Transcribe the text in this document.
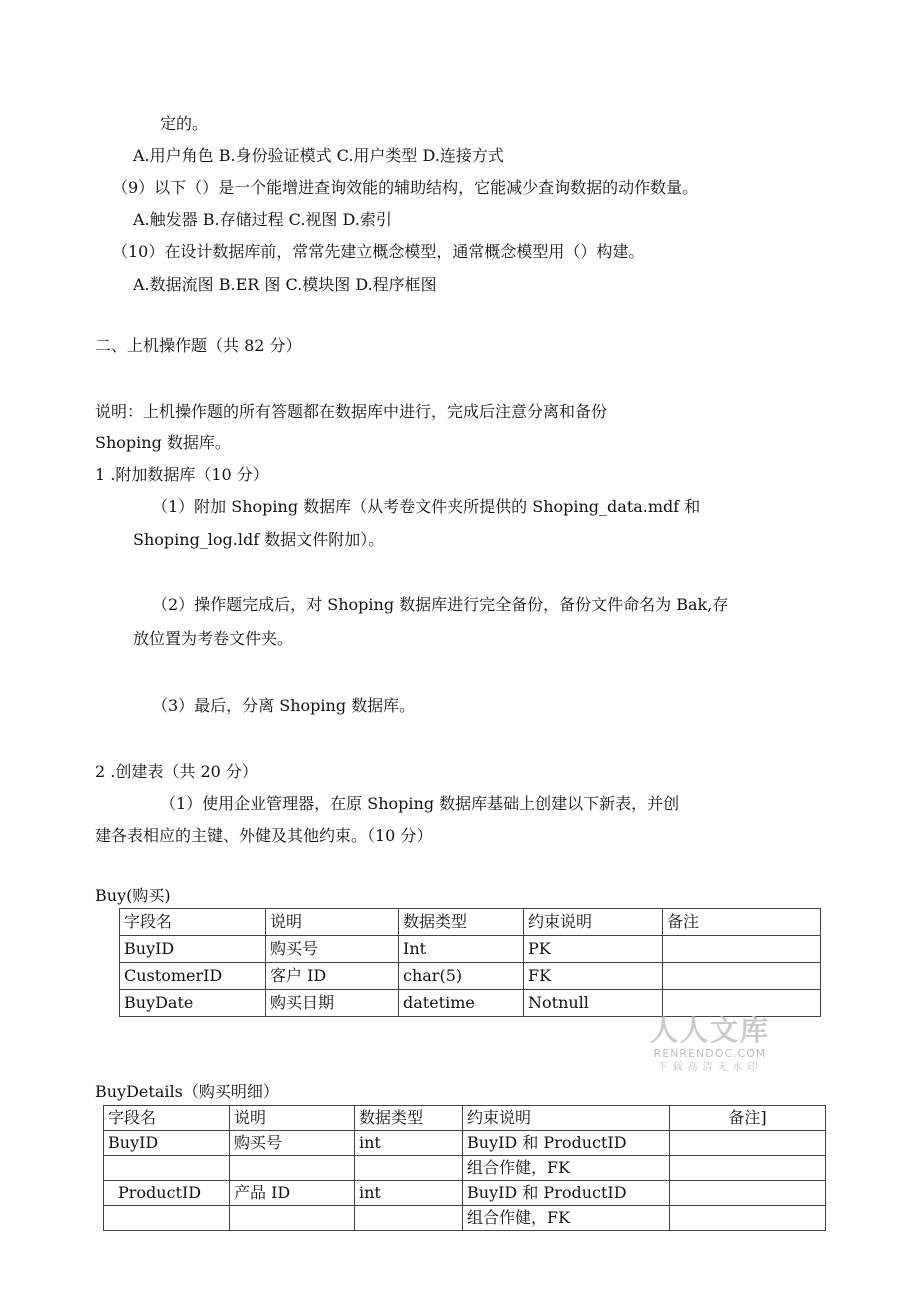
定的。
A.用户角色 B.身份验证模式 C.用户类型 D.连接方式
（9）以下（）是一个能增进查询效能的辅助结构，它能减少查询数据的动作数量。
A.触发器 B.存储过程 C.视图 D.索引
（10）在设计数据库前，常常先建立概念模型，通常概念模型用（）构建。
A.数据流图 B.ER 图 C.模块图 D.程序框图
二、上机操作题（共 82 分）
说明：上机操作题的所有答题都在数据库中进行，完成后注意分离和备份
Shoping 数据库。
1 .附加数据库（10 分）
（1）附加 Shoping 数据库（从考卷文件夹所提供的 Shoping_data.mdf 和
Shoping_log.ldf 数据文件附加）。
（2）操作题完成后，对 Shoping 数据库进行完全备份，备份文件命名为 Bak,存
放位置为考卷文件夹。
（3）最后，分离 Shoping 数据库。
2 .创建表（共 20 分）
（1）使用企业管理器，在原 Shoping 数据库基础上创建以下新表，并创
建各表相应的主键、外健及其他约束。（10 分）
Buy(购买)
字段名	说明	数据类型	约束说明	备注
BuyID	购买号	Int	PK	
CustomerID	客户 ID	char(5)	FK	
BuyDate	购买日期	datetime	Notnull	
人人文库
RENRENDOC.COM
下载高清无水印
BuyDetails（购买明细）
字段名	说明	数据类型	约束说明	备注]
BuyID	购买号	int	BuyID 和 ProductID	
			组合作健，FK	
ProductID	产品 ID	int	BuyID 和 ProductID	
			组合作健，FK	
